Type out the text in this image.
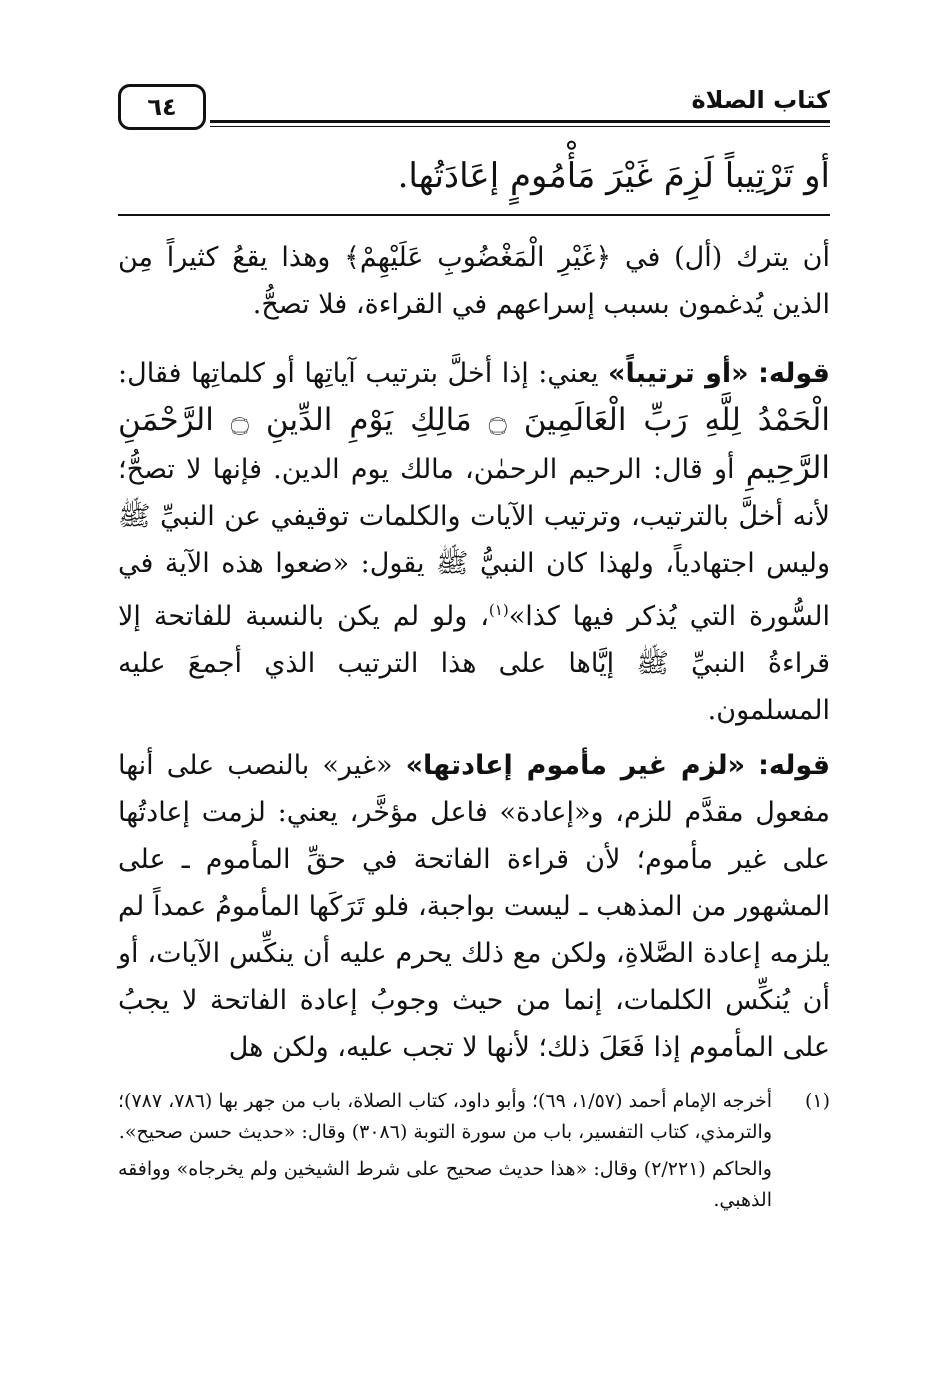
٦٤	كتاب الصلاة
أو تَرْتِيباً لَزِمَ غَيْرَ مَأْمُومٍ إعَادَتُها.
أن يترك (أل) في ﴿غَيْرِ الْمَغْضُوبِ عَلَيْهِمْ﴾ وهذا يقعُ كثيراً مِن الذين يُدغمون بسبب إسراعهم في القراءة، فلا تصحُّ.
قوله: «أو ترتيباً» يعني: إذا أخلَّ بترتيب آياتِها أو كلماتِها فقال: الْحَمْدُ لِلَّهِ رَبِّ الْعَالَمِينَ ۝ مَالِكِ يَوْمِ الدِّينِ ۝ الرَّحْمَنِ الرَّحِيمِ أو قال: الرحيم الرحمٰن، مالك يوم الدين. فإنها لا تصحُّ؛ لأنه أخلَّ بالترتيب، وترتيب الآيات والكلمات توقيفي عن النبيِّ ﷺ وليس اجتهادياً، ولهذا كان النبيُّ ﷺ يقول: «ضعوا هذه الآية في السُّورة التي يُذكر فيها كذا»$^{(١)}$، ولو لم يكن بالنسبة للفاتحة إلا قراءةُ النبيِّ ﷺ إيَّاها على هذا الترتيب الذي أجمعَ عليه المسلمون.
قوله: «لزم غير مأموم إعادتها» «غير» بالنصب على أنها مفعول مقدَّم للزم، و«إعادة» فاعل مؤخَّر، يعني: لزمت إعادتُها على غير مأموم؛ لأن قراءة الفاتحة في حقِّ المأموم ـ على المشهور من المذهب ـ ليست بواجبة، فلو تَرَكَها المأمومُ عمداً لم يلزمه إعادة الصَّلاةِ، ولكن مع ذلك يحرم عليه أن ينكِّس الآيات، أو أن يُنكِّس الكلمات، إنما من حيث وجوبُ إعادة الفاتحة لا يجبُ على المأموم إذا فَعَلَ ذلك؛ لأنها لا تجب عليه، ولكن هل
(١)
أخرجه الإمام أحمد (١/٥٧، ٦٩)؛ وأبو داود، كتاب الصلاة، باب من جهر بها (٧٨٦، ٧٨٧)؛ والترمذي، كتاب التفسير، باب من سورة التوبة (٣٠٨٦) وقال: «حديث حسن صحيح».
والحاكم (٢/٢٢١) وقال: «هذا حديث صحيح على شرط الشيخين ولم يخرجاه» ووافقه الذهبي.
